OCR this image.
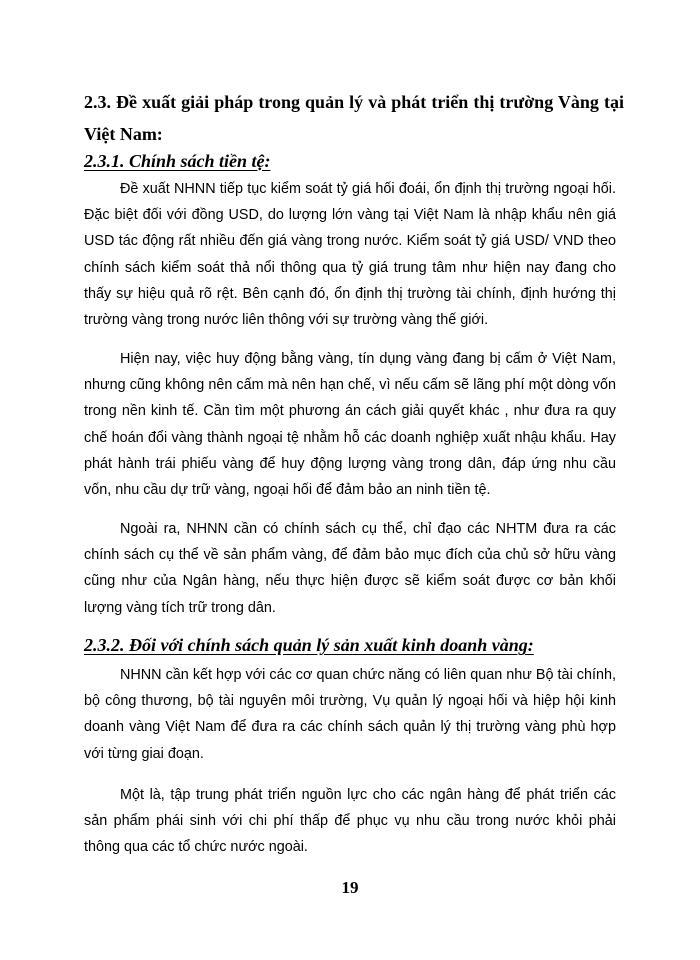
2.3. Đề xuất giải pháp trong quản lý và phát triển thị trường Vàng tại Việt Nam:
2.3.1. Chính sách tiền tệ:

Đề xuất NHNN tiếp tục kiểm soát tỷ giá hối đoái, ổn định thị trường ngoại hối. Đặc biệt đối với đồng USD, do lượng lớn vàng tại Việt Nam là nhập khẩu nên giá USD tác động rất nhiều đến giá vàng trong nước. Kiểm soát tỷ giá USD/ VND theo chính sách kiểm soát thả nổi thông qua tỷ giá trung tâm như hiện nay đang cho thấy sự hiệu quả rõ rệt. Bên cạnh đó, ổn định thị trường tài chính, định hướng thị trường vàng trong nước liên thông với sự trường vàng thế giới.

Hiện nay, việc huy động bằng vàng, tín dụng vàng đang bị cấm ở Việt Nam, nhưng cũng không nên cấm mà nên hạn chế, vì nếu cấm sẽ lãng phí một dòng vốn trong nền kinh tế. Cần tìm một phương án cách giải quyết khác , như đưa ra quy chế hoán đổi vàng thành ngoại tệ nhằm hỗ các doanh nghiệp xuất nhậu khẩu. Hay phát hành trái phiếu vàng để huy động lượng vàng trong dân, đáp ứng nhu cầu vốn, nhu cầu dự trữ vàng, ngoại hối để đảm bảo an ninh tiền tệ.

Ngoài ra, NHNN cần có chính sách cụ thể, chỉ đạo các NHTM đưa ra các chính sách cụ thể về sản phẩm vàng, để đảm bảo mục đích của chủ sở hữu vàng cũng như của Ngân hàng, nếu thực hiện được sẽ kiểm soát được cơ bản khối lượng vàng tích trữ trong dân.

2.3.2. Đối với chính sách quản lý sản xuất kinh doanh vàng:

NHNN cần kết hợp với các cơ quan chức năng có liên quan như Bộ tài chính, bộ công thương, bộ tài nguyên môi trường, Vụ quản lý ngoại hối và hiệp hội kinh doanh vàng Việt Nam để đưa ra các chính sách quản lý thị trường vàng phù hợp với từng giai đoạn.

Một là, tập trung phát triển nguồn lực cho các ngân hàng để phát triển các sản phẩm phái sinh với chi phí thấp để phục vụ nhu cầu trong nước khỏi phải thông qua các tổ chức nước ngoài.

19
